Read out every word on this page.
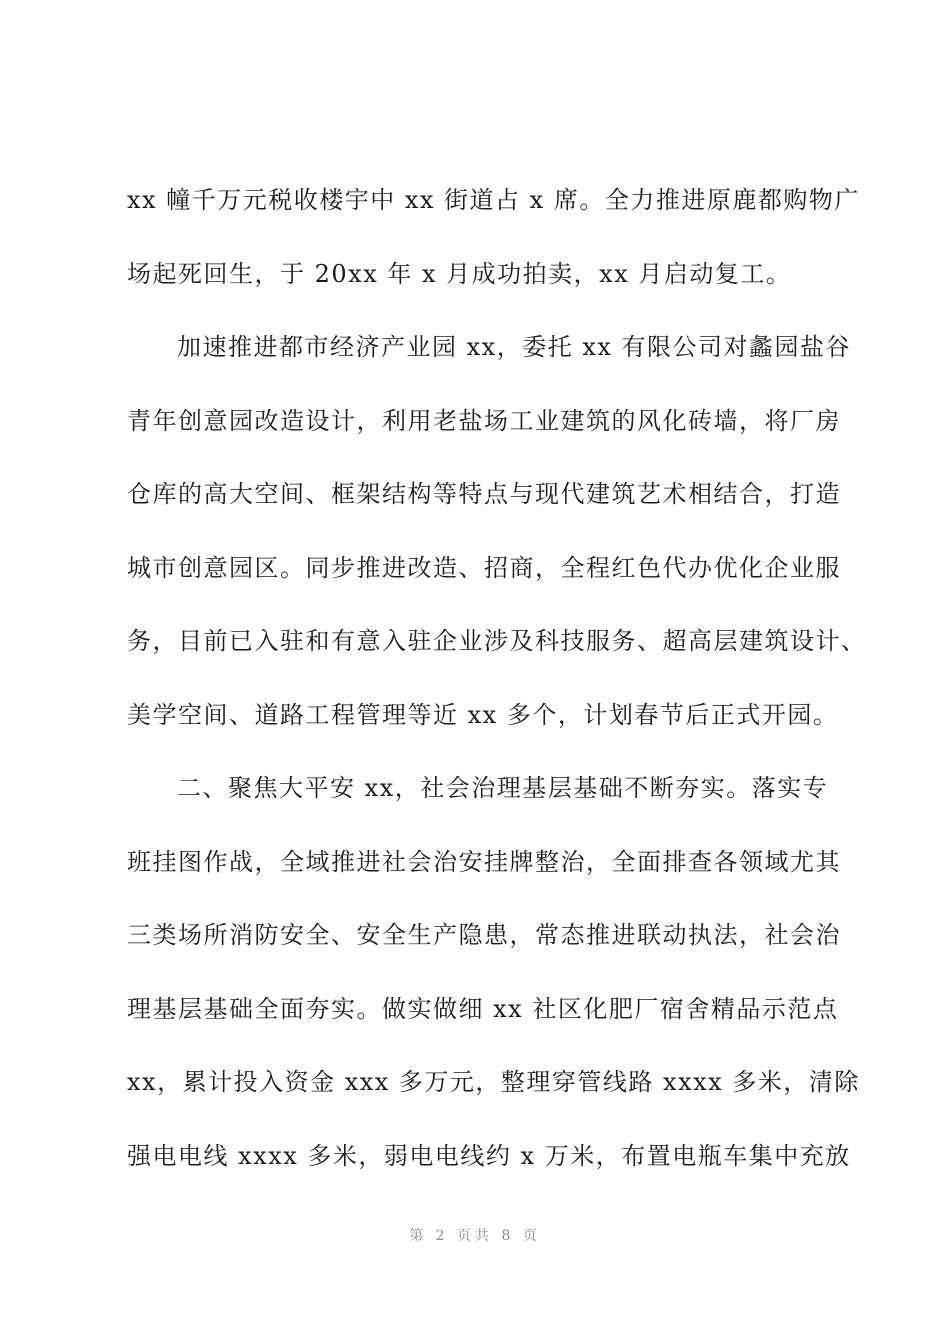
xx 幢千万元税收楼宇中 xx 街道占 x 席。全力推进原鹿都购物广
场起死回生，于 20xx 年 x 月成功拍卖，xx 月启动复工。
加速推进都市经济产业园 xx，委托 xx 有限公司对蠡园盐谷
青年创意园改造设计，利用老盐场工业建筑的风化砖墙，将厂房
仓库的高大空间、框架结构等特点与现代建筑艺术相结合，打造
城市创意园区。同步推进改造、招商，全程红色代办优化企业服
务，目前已入驻和有意入驻企业涉及科技服务、超高层建筑设计、
美学空间、道路工程管理等近 xx 多个，计划春节后正式开园。
二、聚焦大平安 xx，社会治理基层基础不断夯实。落实专
班挂图作战，全域推进社会治安挂牌整治，全面排查各领域尤其
三类场所消防安全、安全生产隐患，常态推进联动执法，社会治
理基层基础全面夯实。做实做细 xx 社区化肥厂宿舍精品示范点
xx，累计投入资金 xxx 多万元，整理穿管线路 xxxx 多米，清除
强电电线 xxxx 多米，弱电电线约 x 万米，布置电瓶车集中充放
第 2 页共 8 页
